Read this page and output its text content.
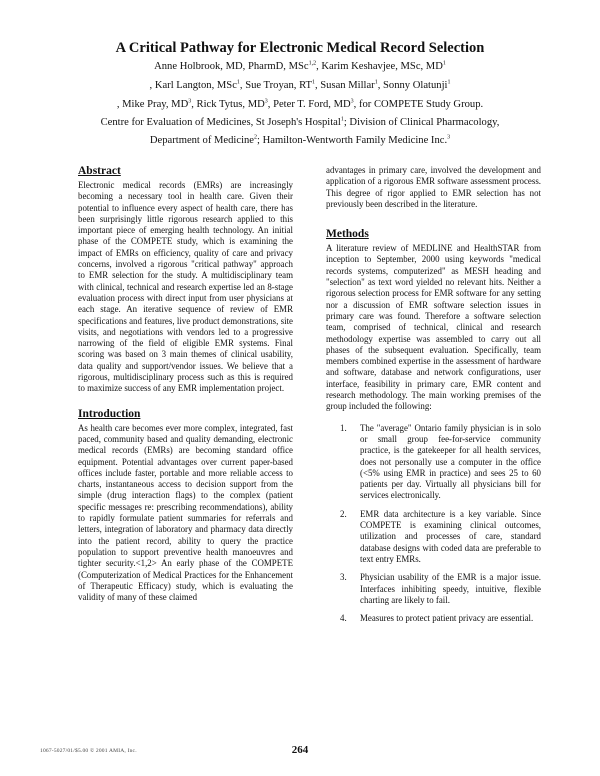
A Critical Pathway for Electronic Medical Record Selection
Anne Holbrook, MD, PharmD, MSc$^{1,2}$, Karim Keshavjee, MSc, $MD^1$
, Karl Langton, MSc$^1$, Sue Troyan, $RT^1$, Susan Millar$^1$, Sonny Olatunji$^1$
, Mike Pray, $MD^3$, Rick Tytus, $MD^3$, Peter T. Ford, $MD^3$, for COMPETE Study Group.
Centre for Evaluation of Medicines, St Joseph's Hospital$^1$; Division of Clinical Pharmacology,
Department of Medicine$^2$; Hamilton-Wentworth Family Medicine Inc.$^3$
Abstract

Electronic medical records (EMRs) are increasingly becoming a necessary tool in health care. Given their potential to influence every aspect of health care, there has been surprisingly little rigorous research applied to this important piece of emerging health technology. An initial phase of the COMPETE study, which is examining the impact of EMRs on efficiency, quality of care and privacy concerns, involved a rigorous "critical pathway" approach to EMR selection for the study. A multidisciplinary team with clinical, technical and research expertise led an 8-stage evaluation process with direct input from user physicians at each stage. An iterative sequence of review of EMR specifications and features, live product demonstrations, site visits, and negotiations with vendors led to a progressive narrowing of the field of eligible EMR systems. Final scoring was based on 3 main themes of clinical usability, data quality and support/vendor issues. We believe that a rigorous, multidisciplinary process such as this is required to maximize success of any EMR implementation project.

Introduction

As health care becomes ever more complex, integrated, fast paced, community based and quality demanding, electronic medical records (EMRs) are becoming standard office equipment. Potential advantages over current paper-based offices include faster, portable and more reliable access to charts, instantaneous access to decision support from the simple (drug interaction flags) to the complex (patient specific messages re: prescribing recommendations), ability to rapidly formulate patient summaries for referrals and letters, integration of laboratory and pharmacy data directly into the patient record, ability to query the practice population to support preventive health manoeuvres and tighter security.<1,2> An early phase of the COMPETE (Computerization of Medical Practices for the Enhancement of Therapeutic Efficacy) study, which is evaluating the validity of many of these claimed

advantages in primary care, involved the development and application of a rigorous EMR software assessment process. This degree of rigor applied to EMR selection has not previously been described in the literature.

Methods

A literature review of MEDLINE and HealthSTAR from inception to September, 2000 using keywords "medical records systems, computerized" as MESH heading and "selection" as text word yielded no relevant hits. Neither a rigorous selection process for EMR software for any setting nor a discussion of EMR software selection issues in primary care was found. Therefore a software selection team, comprised of technical, clinical and research methodology expertise was assembled to carry out all phases of the subsequent evaluation. Specifically, team members combined expertise in the assessment of hardware and software, database and network configurations, user interface, feasibility in primary care, EMR content and research methodology. The main working premises of the group included the following:

1.	The "average" Ontario family physician is in solo or small group fee-for-service community practice, is the gatekeeper for all health services, does not personally use a computer in the office (<5% using EMR in practice) and sees 25 to 60 patients per day. Virtually all physicians bill for services electronically.
2.	EMR data architecture is a key variable. Since COMPETE is examining clinical outcomes, utilization and processes of care, standard database designs with coded data are preferable to text entry EMRs.
3.	Physician usability of the EMR is a major issue. Interfaces inhibiting speedy, intuitive, flexible charting are likely to fail.
4.	Measures to protect patient privacy are essential.
1067-5027/01/$5.00 © 2001 AMIA, Inc.	264
